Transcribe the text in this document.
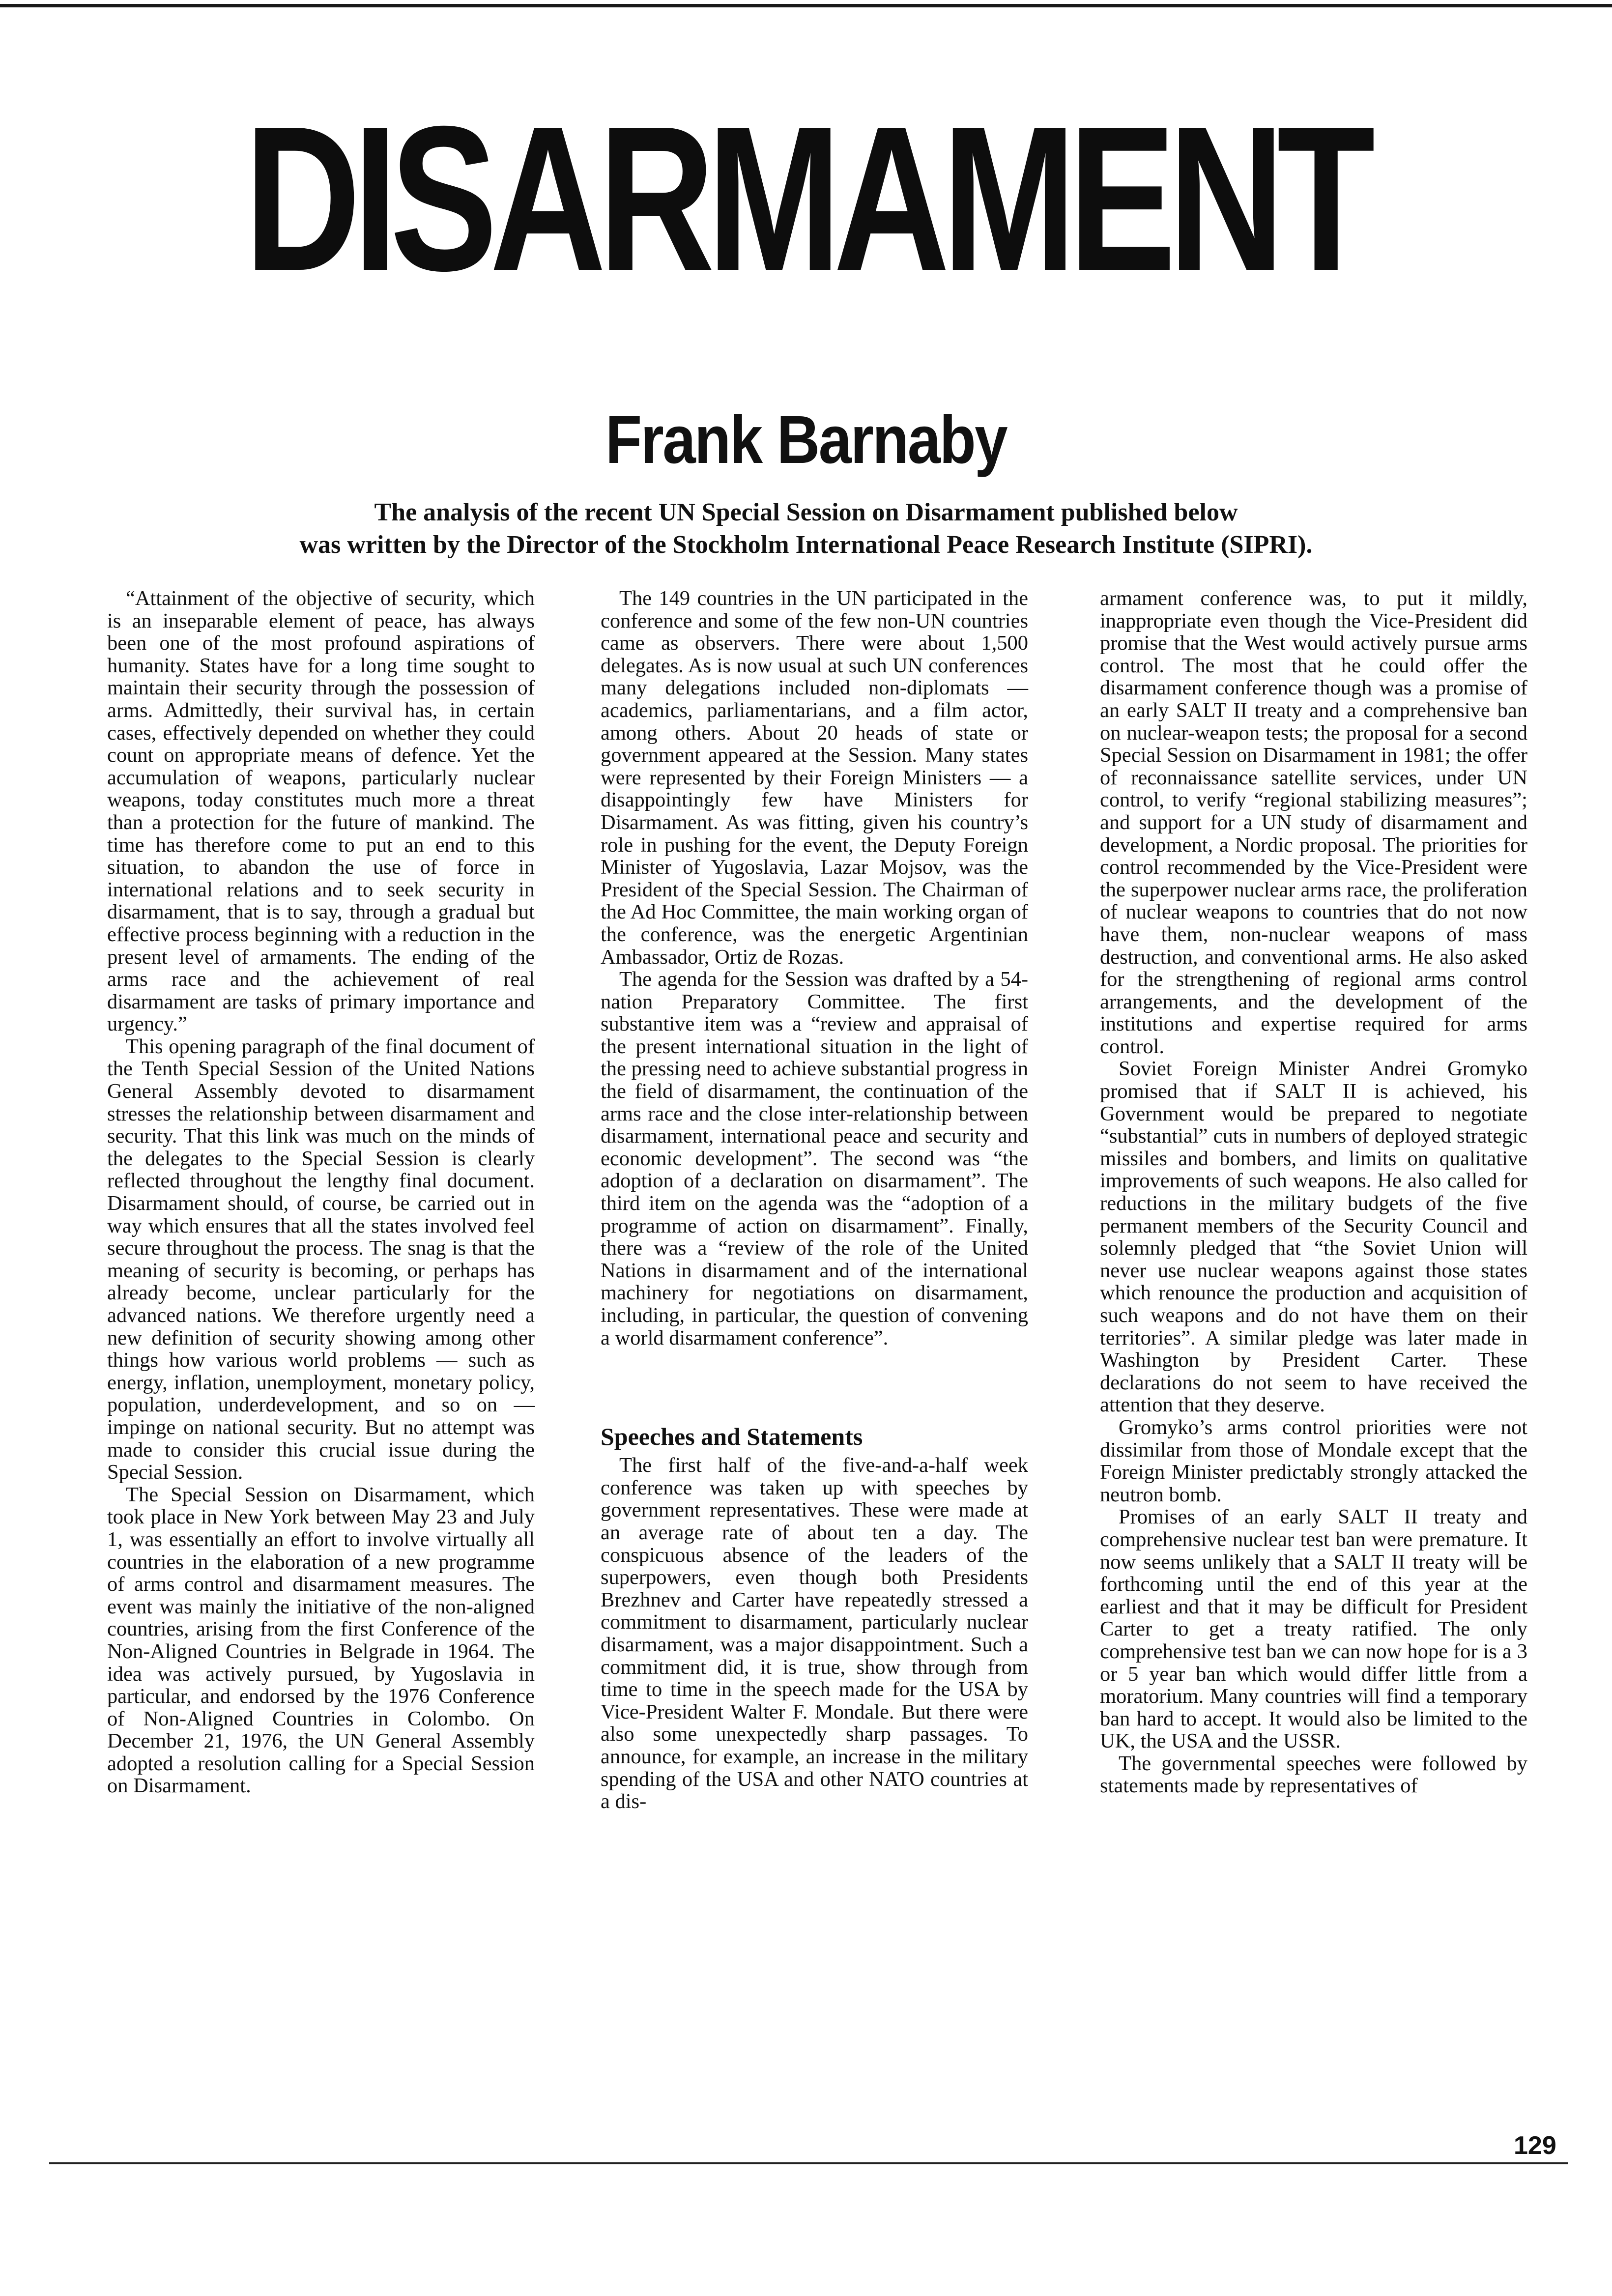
DISARMAMENT
Frank Barnaby
The analysis of the recent UN Special Session on Disarmament published below
was written by the Director of the Stockholm International Peace Research Institute (SIPRI).

“Attainment of the objective of security, which is an inseparable element of peace, has always been one of the most profound aspirations of humanity. States have for a long time sought to maintain their security through the possession of arms. Admittedly, their survival has, in certain cases, effectively depended on whether they could count on appropriate means of defence. Yet the accumulation of weapons, particularly nuclear weapons, today constitutes much more a threat than a protection for the future of mankind. The time has therefore come to put an end to this situation, to abandon the use of force in international relations and to seek security in disarmament, that is to say, through a gradual but effective process beginning with a reduction in the present level of armaments. The ending of the arms race and the achievement of real disarmament are tasks of primary importance and urgency.”

This opening paragraph of the final document of the Tenth Special Session of the United Nations General Assembly devoted to disarmament stresses the relationship between disarmament and security. That this link was much on the minds of the delegates to the Special Session is clearly reflected throughout the lengthy final document. Disarmament should, of course, be carried out in way which ensures that all the states involved feel secure throughout the process. The snag is that the meaning of security is becoming, or perhaps has already become, unclear particularly for the advanced nations. We therefore urgently need a new definition of security showing among other things how various world problems — such as energy, inflation, unemployment, monetary policy, population, underdevelopment, and so on — impinge on national security. But no attempt was made to consider this crucial issue during the Special Session.

The Special Session on Disarmament, which took place in New York between May 23 and July 1, was essentially an effort to involve virtually all countries in the elaboration of a new programme of arms control and disarmament measures. The event was mainly the initiative of the non-aligned countries, arising from the first Conference of the Non-Aligned Countries in Belgrade in 1964. The idea was actively pursued, by Yugoslavia in particular, and endorsed by the 1976 Conference of Non-Aligned Countries in Colombo. On December 21, 1976, the UN General Assembly adopted a resolution calling for a Special Session on Disarmament.

The 149 countries in the UN participated in the conference and some of the few non-UN countries came as observers. There were about 1,500 delegates. As is now usual at such UN conferences many delegations included non-diplomats — academics, parliamentarians, and a film actor, among others. About 20 heads of state or government appeared at the Session. Many states were represented by their Foreign Ministers — a disappointingly few have Ministers for Disarmament. As was fitting, given his country’s role in pushing for the event, the Deputy Foreign Minister of Yugoslavia, Lazar Mojsov, was the President of the Special Session. The Chairman of the Ad Hoc Committee, the main working organ of the conference, was the energetic Argentinian Ambassador, Ortiz de Rozas.

The agenda for the Session was drafted by a 54-nation Preparatory Committee. The first substantive item was a “review and appraisal of the present international situation in the light of the pressing need to achieve substantial progress in the field of disarmament, the continuation of the arms race and the close inter-relationship between disarmament, international peace and security and economic development”. The second was “the adoption of a declaration on disarmament”. The third item on the agenda was the “adoption of a programme of action on disarmament”. Finally, there was a “review of the role of the United Nations in disarmament and of the international machinery for negotiations on disarmament, including, in particular, the question of convening a world disarmament conference”.

Speeches and Statements

The first half of the five-and-a-half week conference was taken up with speeches by government representatives. These were made at an average rate of about ten a day. The conspicuous absence of the leaders of the superpowers, even though both Presidents Brezhnev and Carter have repeatedly stressed a commitment to disarmament, particularly nuclear disarmament, was a major disappointment. Such a commitment did, it is true, show through from time to time in the speech made for the USA by Vice-President Walter F. Mondale. But there were also some unexpectedly sharp passages. To announce, for example, an increase in the military spending of the USA and other NATO countries at a dis-

armament conference was, to put it mildly, inappropriate even though the Vice-President did promise that the West would actively pursue arms control. The most that he could offer the disarmament conference though was a promise of an early SALT II treaty and a comprehensive ban on nuclear-weapon tests; the proposal for a second Special Session on Disarmament in 1981; the offer of reconnaissance satellite services, under UN control, to verify “regional stabilizing measures”; and support for a UN study of disarmament and development, a Nordic proposal. The priorities for control recommended by the Vice-President were the superpower nuclear arms race, the proliferation of nuclear weapons to countries that do not now have them, non-nuclear weapons of mass destruction, and conventional arms. He also asked for the strengthening of regional arms control arrangements, and the development of the institutions and expertise required for arms control.

Soviet Foreign Minister Andrei Gromyko promised that if SALT II is achieved, his Government would be prepared to negotiate “substantial” cuts in numbers of deployed strategic missiles and bombers, and limits on qualitative improvements of such weapons. He also called for reductions in the military budgets of the five permanent members of the Security Council and solemnly pledged that “the Soviet Union will never use nuclear weapons against those states which renounce the production and acquisition of such weapons and do not have them on their territories”. A similar pledge was later made in Washington by President Carter. These declarations do not seem to have received the attention that they deserve.

Gromyko’s arms control priorities were not dissimilar from those of Mondale except that the Foreign Minister predictably strongly attacked the neutron bomb.

Promises of an early SALT II treaty and comprehensive nuclear test ban were premature. It now seems unlikely that a SALT II treaty will be forthcoming until the end of this year at the earliest and that it may be difficult for President Carter to get a treaty ratified. The only comprehensive test ban we can now hope for is a 3 or 5 year ban which would differ little from a moratorium. Many countries will find a temporary ban hard to accept. It would also be limited to the UK, the USA and the USSR.

The governmental speeches were followed by statements made by representatives of

129
